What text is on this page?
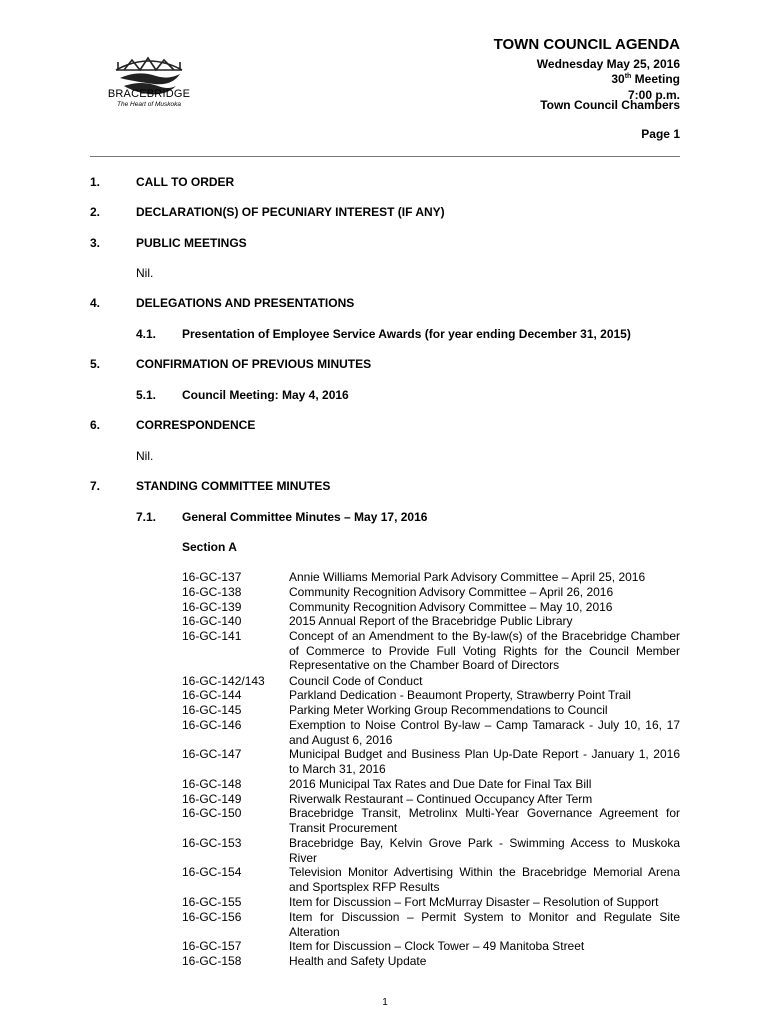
BRACEBRIDGE
The Heart of Muskoka
TOWN COUNCIL AGENDA
Wednesday May 25, 2016
30th Meeting
7:00 p.m.
Town Council Chambers
Page 1
1.	CALL TO ORDER
2.	DECLARATION(S) OF PECUNIARY INTEREST (IF ANY)
3.	PUBLIC MEETINGS
Nil.
4.	DELEGATIONS AND PRESENTATIONS
4.1. Presentation of Employee Service Awards (for year ending December 31, 2015)
5.	CONFIRMATION OF PREVIOUS MINUTES
5.1. Council Meeting: May 4, 2016
6.	CORRESPONDENCE
Nil.
7.	STANDING COMMITTEE MINUTES
7.1. General Committee Minutes – May 17, 2016
Section A
16-GC-137	Annie Williams Memorial Park Advisory Committee – April 25, 2016
16-GC-138	Community Recognition Advisory Committee – April 26, 2016
16-GC-139	Community Recognition Advisory Committee – May 10, 2016
16-GC-140	2015 Annual Report of the Bracebridge Public Library
16-GC-141	Concept of an Amendment to the By-law(s) of the Bracebridge Chamber of Commerce to Provide Full Voting Rights for the Council Member Representative on the Chamber Board of Directors
16-GC-142/143 Council Code of Conduct
16-GC-144	Parkland Dedication - Beaumont Property, Strawberry Point Trail
16-GC-145	Parking Meter Working Group Recommendations to Council
16-GC-146	Exemption to Noise Control By-law – Camp Tamarack - July 10, 16, 17 and August 6, 2016
16-GC-147	Municipal Budget and Business Plan Up-Date Report - January 1, 2016 to March 31, 2016
16-GC-148	2016 Municipal Tax Rates and Due Date for Final Tax Bill
16-GC-149	Riverwalk Restaurant – Continued Occupancy After Term
16-GC-150	Bracebridge Transit, Metrolinx Multi-Year Governance Agreement for Transit Procurement
16-GC-153	Bracebridge Bay, Kelvin Grove Park - Swimming Access to Muskoka River
16-GC-154	Television Monitor Advertising Within the Bracebridge Memorial Arena and Sportsplex RFP Results
16-GC-155	Item for Discussion – Fort McMurray Disaster – Resolution of Support
16-GC-156	Item for Discussion – Permit System to Monitor and Regulate Site Alteration
16-GC-157	Item for Discussion – Clock Tower – 49 Manitoba Street
16-GC-158	Health and Safety Update
1
